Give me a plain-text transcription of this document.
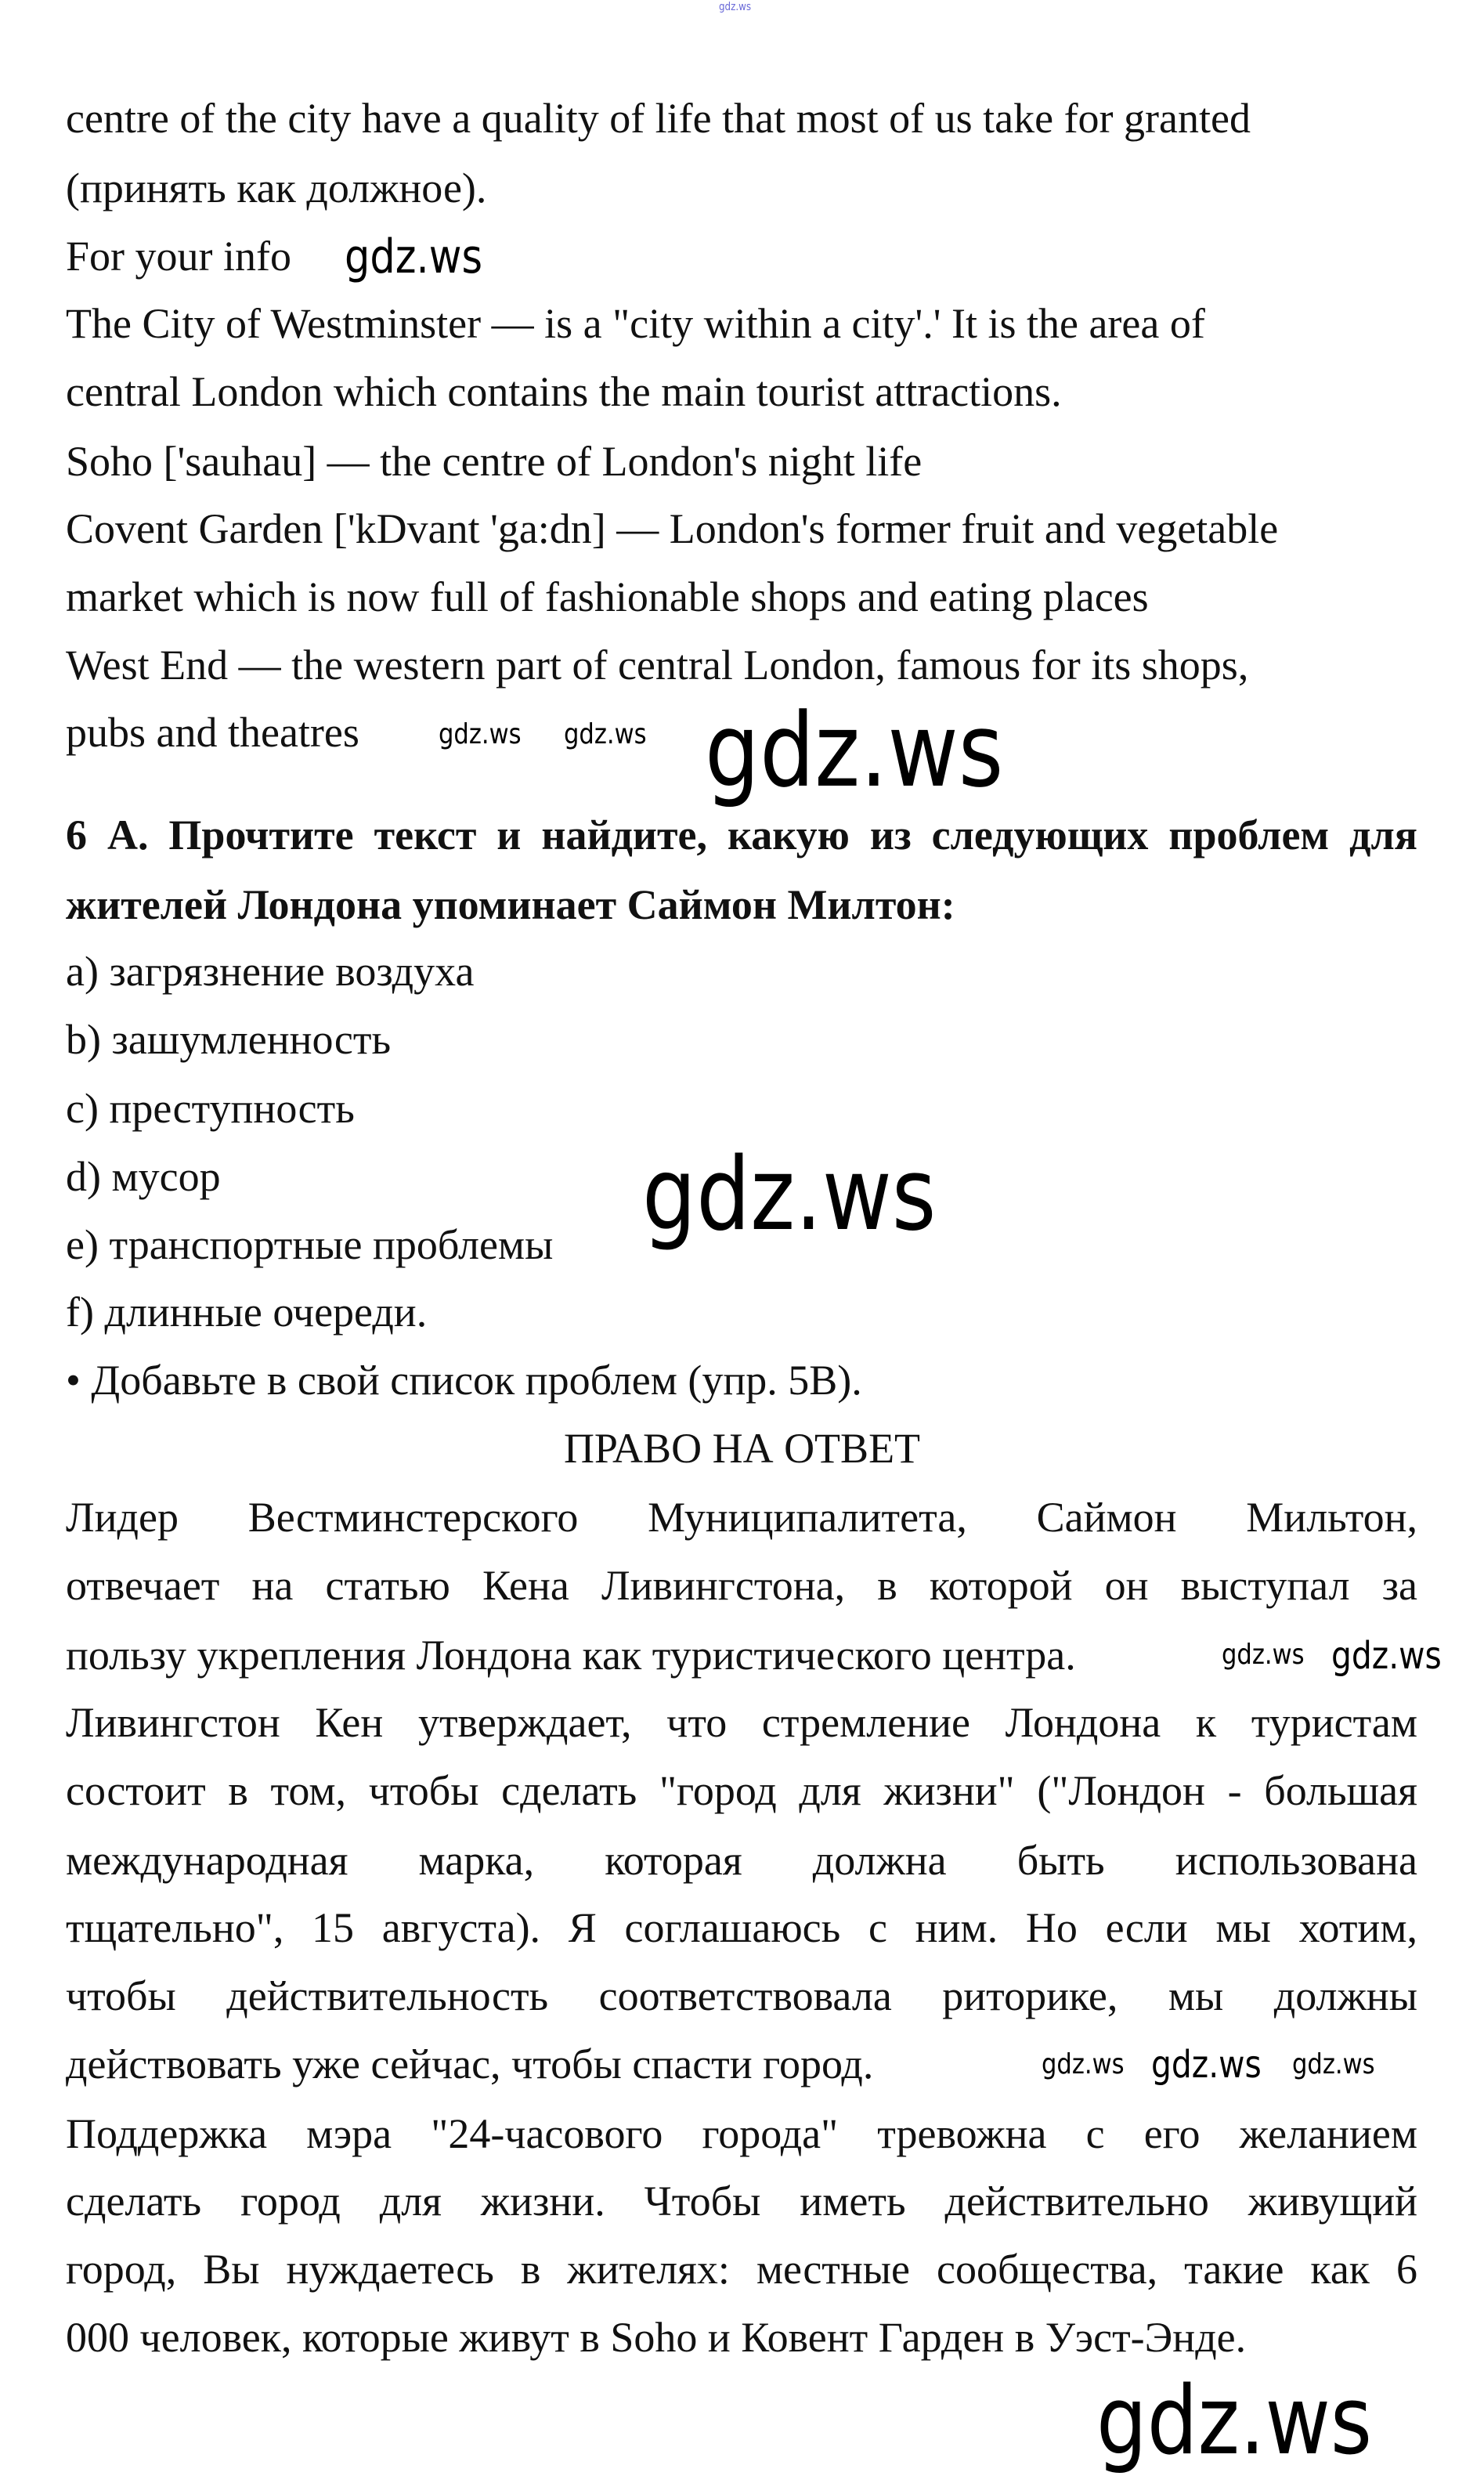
gdz.ws
centre of the city have a quality of life that most of us take for granted
(принять как должное).
For your info
The City of Westminster — is a "city within a city'.' It is the area of
central London which contains the main tourist attractions.
Soho ['sauhau] — the centre of London's night life
Covent Garden ['kDvant 'ga:dn] — London's former fruit and vegetable
market which is now full of fashionable shops and eating places
West End — the western part of central London, famous for its shops,
pubs and theatres
6 А. Прочтите текст и найдите, какую из следующих проблем для
жителей Лондона упоминает Саймон Милтон:
a) загрязнение воздуха
b) зашумленность
c) преступность
d) мусор
e) транспортные проблемы
f) длинные очереди.
• Добавьте в свой список проблем (упр. 5B).
ПРАВО НА ОТВЕТ
Лидер Вестминстерского Муниципалитета, Саймон Мильтон,
отвечает на статью Кена Ливингстона, в которой он выступал за
пользу укрепления Лондона как туристического центра.
Ливингстон Кен утверждает, что стремление Лондона к туристам
состоит в том, чтобы сделать "город для жизни" ("Лондон - большая
международная марка, которая должна быть использована
тщательно", 15 августа). Я соглашаюсь с ним. Но если мы хотим,
чтобы действительность соответствовала риторике, мы должны
действовать уже сейчас, чтобы спасти город.
Поддержка мэра "24-часового города" тревожна с его желанием
сделать город для жизни. Чтобы иметь действительно живущий
город, Вы нуждаетесь в жителях: местные сообщества, такие как 6
000 человек, которые живут в Soho и Ковент Гарден в Уэст-Энде.
gdz.ws
gdz.ws gdz.ws gdz.ws
gdz.ws
gdz.ws gdz.ws
gdz.ws gdz.ws gdz.ws
gdz.ws
